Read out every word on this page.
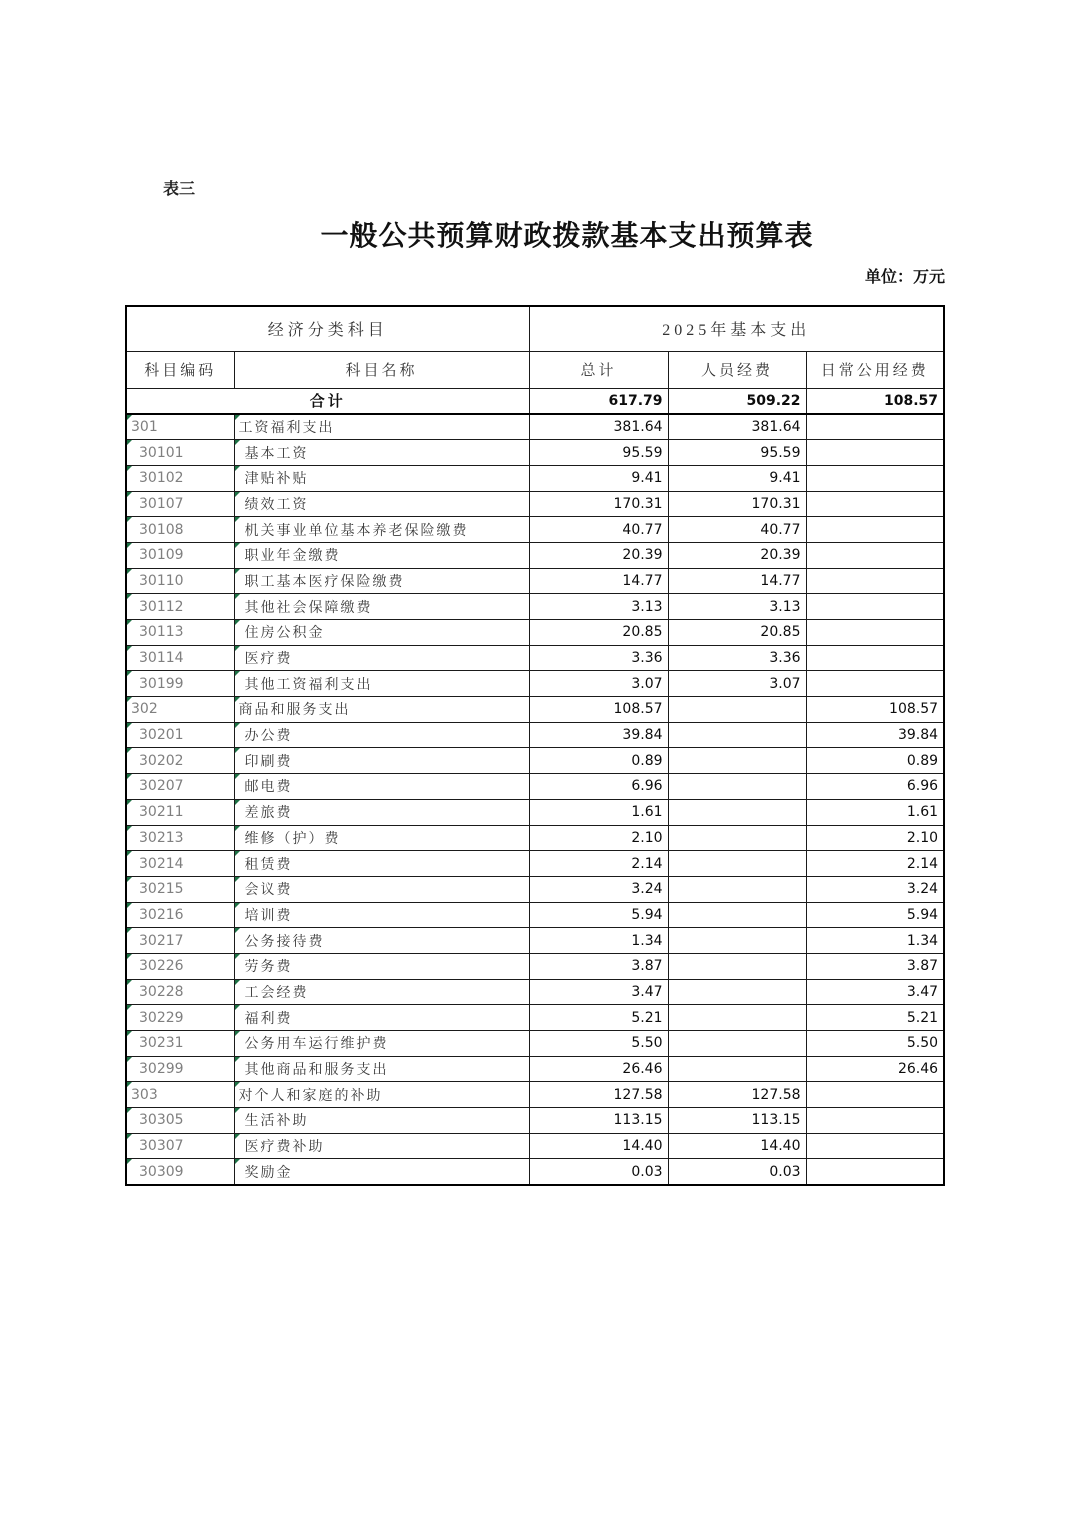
表三
一般公共预算财政拨款基本支出预算表
单位：万元
经济分类科目		2025年基本支出		
科目编码	科目名称	总计	人员经费	日常公用经费
合计		617.79	509.22	108.57

301	工资福利支出	381.64	381.64	

30101	基本工资	95.59	95.59	

30102	津贴补贴	9.41	9.41	

30107	绩效工资	170.31	170.31	

30108	机关事业单位基本养老保险缴费	40.77	40.77	

30109	职业年金缴费	20.39	20.39	

30110	职工基本医疗保险缴费	14.77	14.77	

30112	其他社会保障缴费	3.13	3.13	

30113	住房公积金	20.85	20.85	

30114	医疗费	3.36	3.36	

30199	其他工资福利支出	3.07	3.07	

302	商品和服务支出	108.57		108.57

30201	办公费	39.84		39.84

30202	印刷费	0.89		0.89

30207	邮电费	6.96		6.96

30211	差旅费	1.61		1.61

30213	维修（护）费	2.10		2.10

30214	租赁费	2.14		2.14

30215	会议费	3.24		3.24

30216	培训费	5.94		5.94

30217	公务接待费	1.34		1.34

30226	劳务费	3.87		3.87

30228	工会经费	3.47		3.47

30229	福利费	5.21		5.21

30231	公务用车运行维护费	5.50		5.50

30299	其他商品和服务支出	26.46		26.46

303	对个人和家庭的补助	127.58	127.58	

30305	生活补助	113.15	113.15	

30307	医疗费补助	14.40	14.40	

30309	奖励金	0.03	0.03	
